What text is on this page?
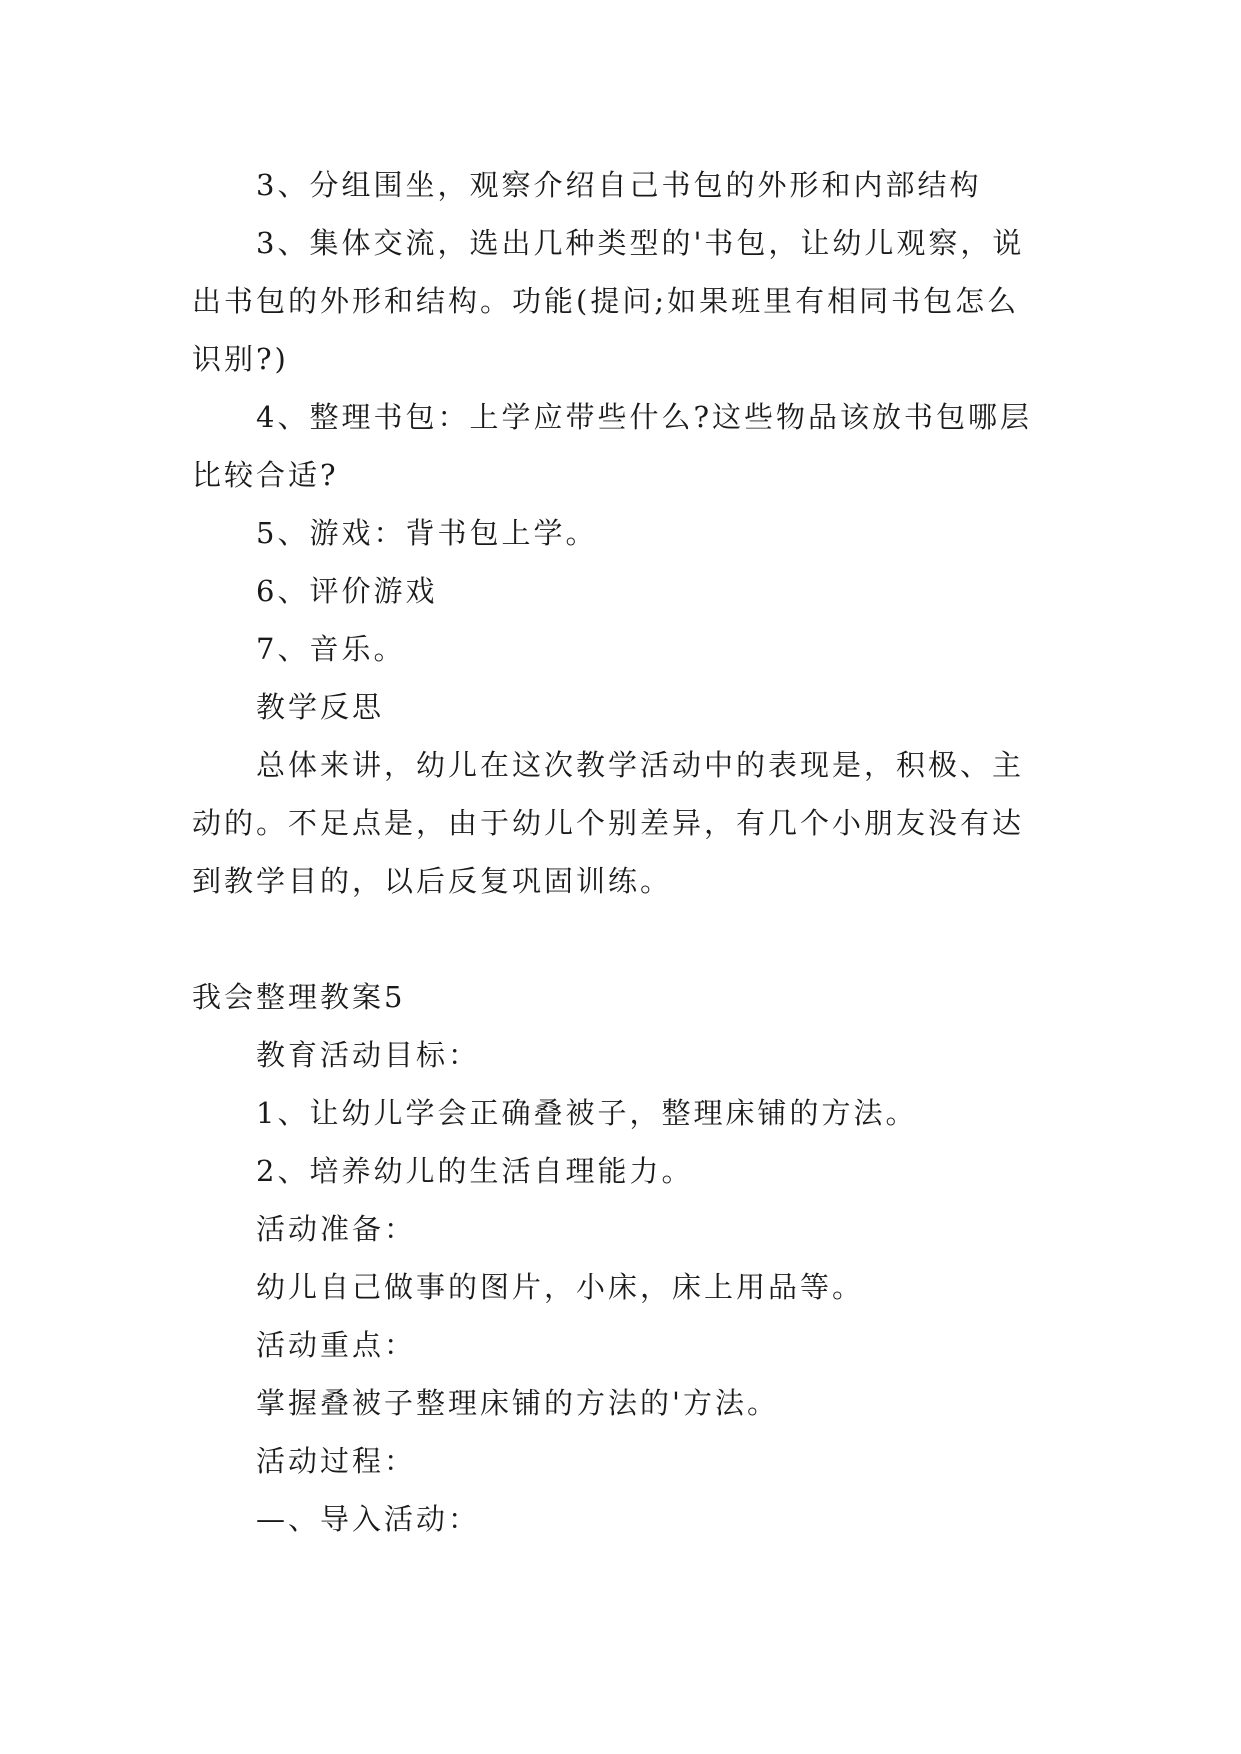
3、分组围坐，观察介绍自己书包的外形和内部结构
3、集体交流，选出几种类型的'书包，让幼儿观察，说
出书包的外形和结构。功能(提问;如果班里有相同书包怎么
识别?)
4、整理书包：上学应带些什么?这些物品该放书包哪层
比较合适?
5、游戏：背书包上学。
6、评价游戏
7、音乐。
教学反思
总体来讲，幼儿在这次教学活动中的表现是，积极、主
动的。不足点是，由于幼儿个别差异，有几个小朋友没有达
到教学目的，以后反复巩固训练。
我会整理教案5
教育活动目标：
1、让幼儿学会正确叠被子，整理床铺的方法。
2、培养幼儿的生活自理能力。
活动准备：
幼儿自己做事的图片，小床，床上用品等。
活动重点：
掌握叠被子整理床铺的方法的'方法。
活动过程：
—、导入活动：
